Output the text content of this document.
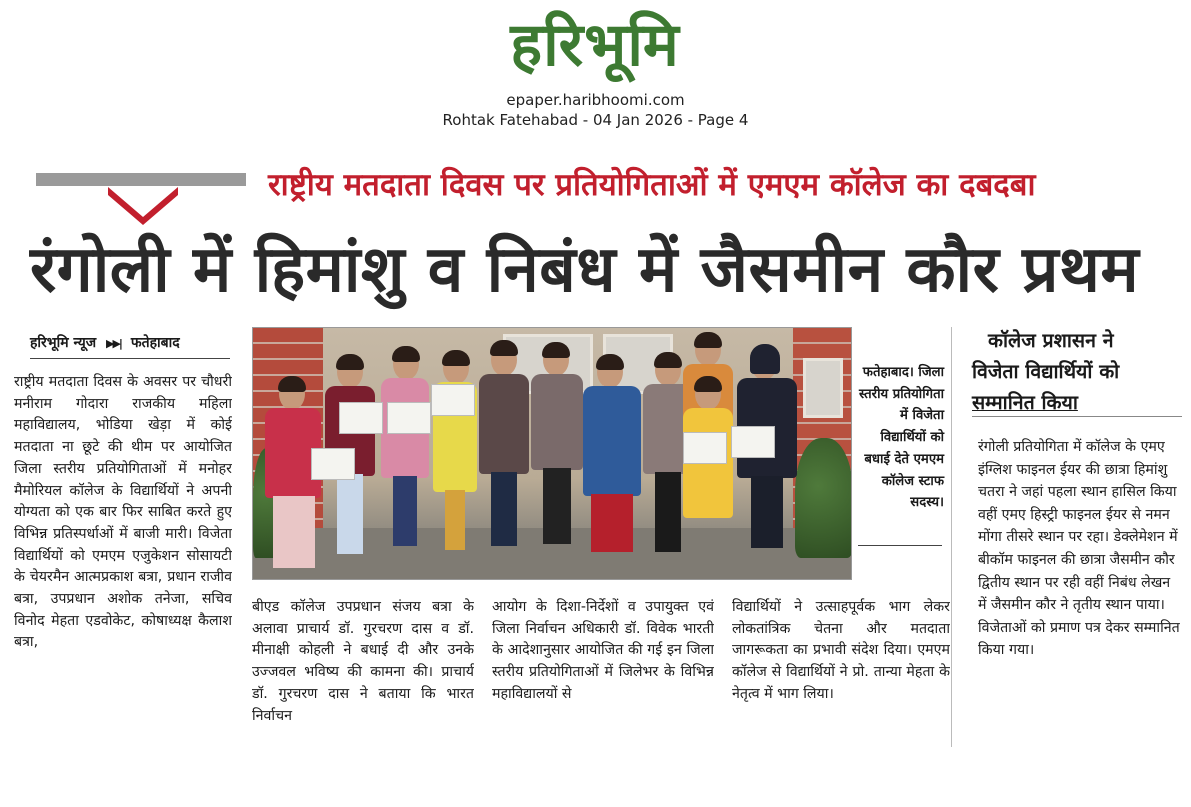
हरिभूमि
epaper.haribhoomi.com
Rohtak Fatehabad - 04 Jan 2026 - Page 4
राष्ट्रीय मतदाता दिवस पर प्रतियोगिताओं में एमएम कॉलेज का दबदबा
रंगोली में हिमांशु व निबंध में जैसमीन कौर प्रथम
हरिभूमि न्यूज ▶▶| फतेहाबाद
राष्ट्रीय मतदाता दिवस के अवसर पर चौधरी मनीराम गोदारा राजकीय महिला महाविद्यालय, भोडिया खेड़ा में कोई मतदाता ना छूटे की थीम पर आयोजित जिला स्तरीय प्रतियोगिताओं में मनोहर मैमोरियल कॉलेज के विद्यार्थियों ने अपनी योग्यता को एक बार फिर साबित करते हुए विभिन्न प्रतिस्पर्धाओं में बाजी मारी। विजेता विद्यार्थियों को एमएम एजुकेशन सोसायटी के चेयरमैन आत्मप्रकाश बत्रा, प्रधान राजीव बत्रा, उपप्रधान अशोक तनेजा, सचिव विनोद मेहता एडवोकेट, कोषाध्यक्ष कैलाश बत्रा,
फतेहाबाद। जिला स्तरीय प्रतियोगिता में विजेता विद्यार्थियों को बधाई देते एमएम कॉलेज स्टाफ सदस्य।
बीएड कॉलेज उपप्रधान संजय बत्रा के अलावा प्राचार्य डॉ. गुरचरण दास व डॉ. मीनाक्षी कोहली ने बधाई दी और उनके उज्जवल भविष्य की कामना की। प्राचार्य डॉ. गुरचरण दास ने बताया कि भारत निर्वाचन
आयोग के दिशा-निर्देशों व उपायुक्त एवं जिला निर्वाचन अधिकारी डॉ. विवेक भारती के आदेशानुसार आयोजित की गई इन जिला स्तरीय प्रतियोगिताओं में जिलेभर के विभिन्न महाविद्यालयों से
विद्यार्थियों ने उत्साहपूर्वक भाग लेकर लोकतांत्रिक चेतना और मतदाता जागरूकता का प्रभावी संदेश दिया। एमएम कॉलेज से विद्यार्थियों ने प्रो. तान्या मेहता के नेतृत्व में भाग लिया।
कॉलेज प्रशासन ने
विजेता विद्यार्थियों को
सम्मानित किया
रंगोली प्रतियोगिता में कॉलेज के एमए इंग्लिश फाइनल ईयर की छात्रा हिमांशु चतरा ने जहां पहला स्थान हासिल किया वहीं एमए हिस्ट्री फाइनल ईयर से नमन मोंगा तीसरे स्थान पर रहा। डेक्लेमेशन में बीकॉम फाइनल की छात्रा जैसमीन कौर द्वितीय स्थान पर रही वहीं निबंध लेखन में जैसमीन कौर ने तृतीय स्थान पाया। विजेताओं को प्रमाण पत्र देकर सम्मानित किया गया।
